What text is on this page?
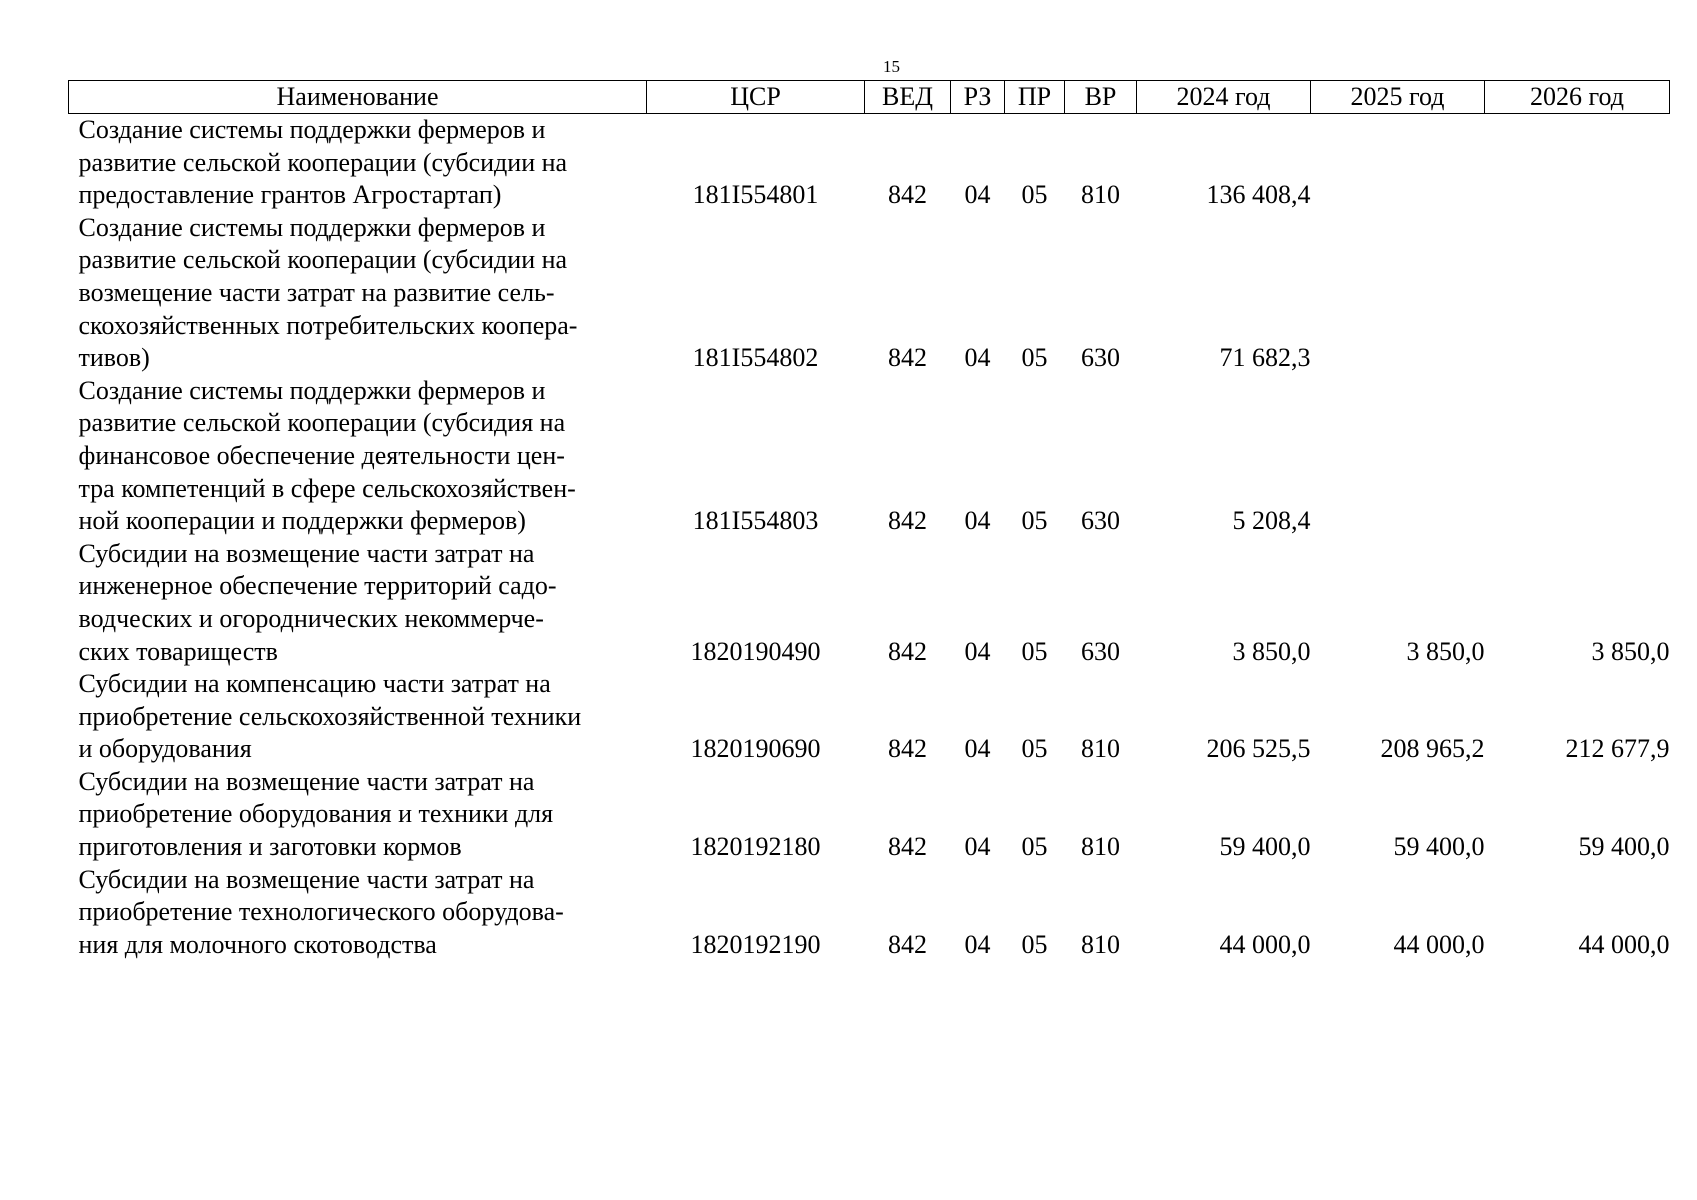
15
Наименование	ЦСР	ВЕД	РЗ	ПР	ВР	2024 год	2025 год	2026 год

Создание системы поддержки фермеров и
развитие сельской кооперации (субсидии на
предоставление грантов Агростартап)	181I554801	842	04	05	810	136 408,4		

Создание системы поддержки фермеров и
развитие сельской кооперации (субсидии на
возмещение части затрат на развитие сель-
скохозяйственных потребительских коопера-
тивов)	181I554802	842	04	05	630	71 682,3		

Создание системы поддержки фермеров и
развитие сельской кооперации (субсидия на
финансовое обеспечение деятельности цен-
тра компетенций в сфере сельскохозяйствен-
ной кооперации и поддержки фермеров)	181I554803	842	04	05	630	5 208,4		

Субсидии на возмещение части затрат на
инженерное обеспечение территорий садо-
водческих и огороднических некоммерче-
ских товариществ	1820190490	842	04	05	630	3 850,0	3 850,0	3 850,0

Субсидии на компенсацию части затрат на
приобретение сельскохозяйственной техники
и оборудования	1820190690	842	04	05	810	206 525,5	208 965,2	212 677,9

Субсидии на возмещение части затрат на
приобретение оборудования и техники для
приготовления и заготовки кормов	1820192180	842	04	05	810	59 400,0	59 400,0	59 400,0

Субсидии на возмещение части затрат на
приобретение технологического оборудова-
ния для молочного скотоводства	1820192190	842	04	05	810	44 000,0	44 000,0	44 000,0
